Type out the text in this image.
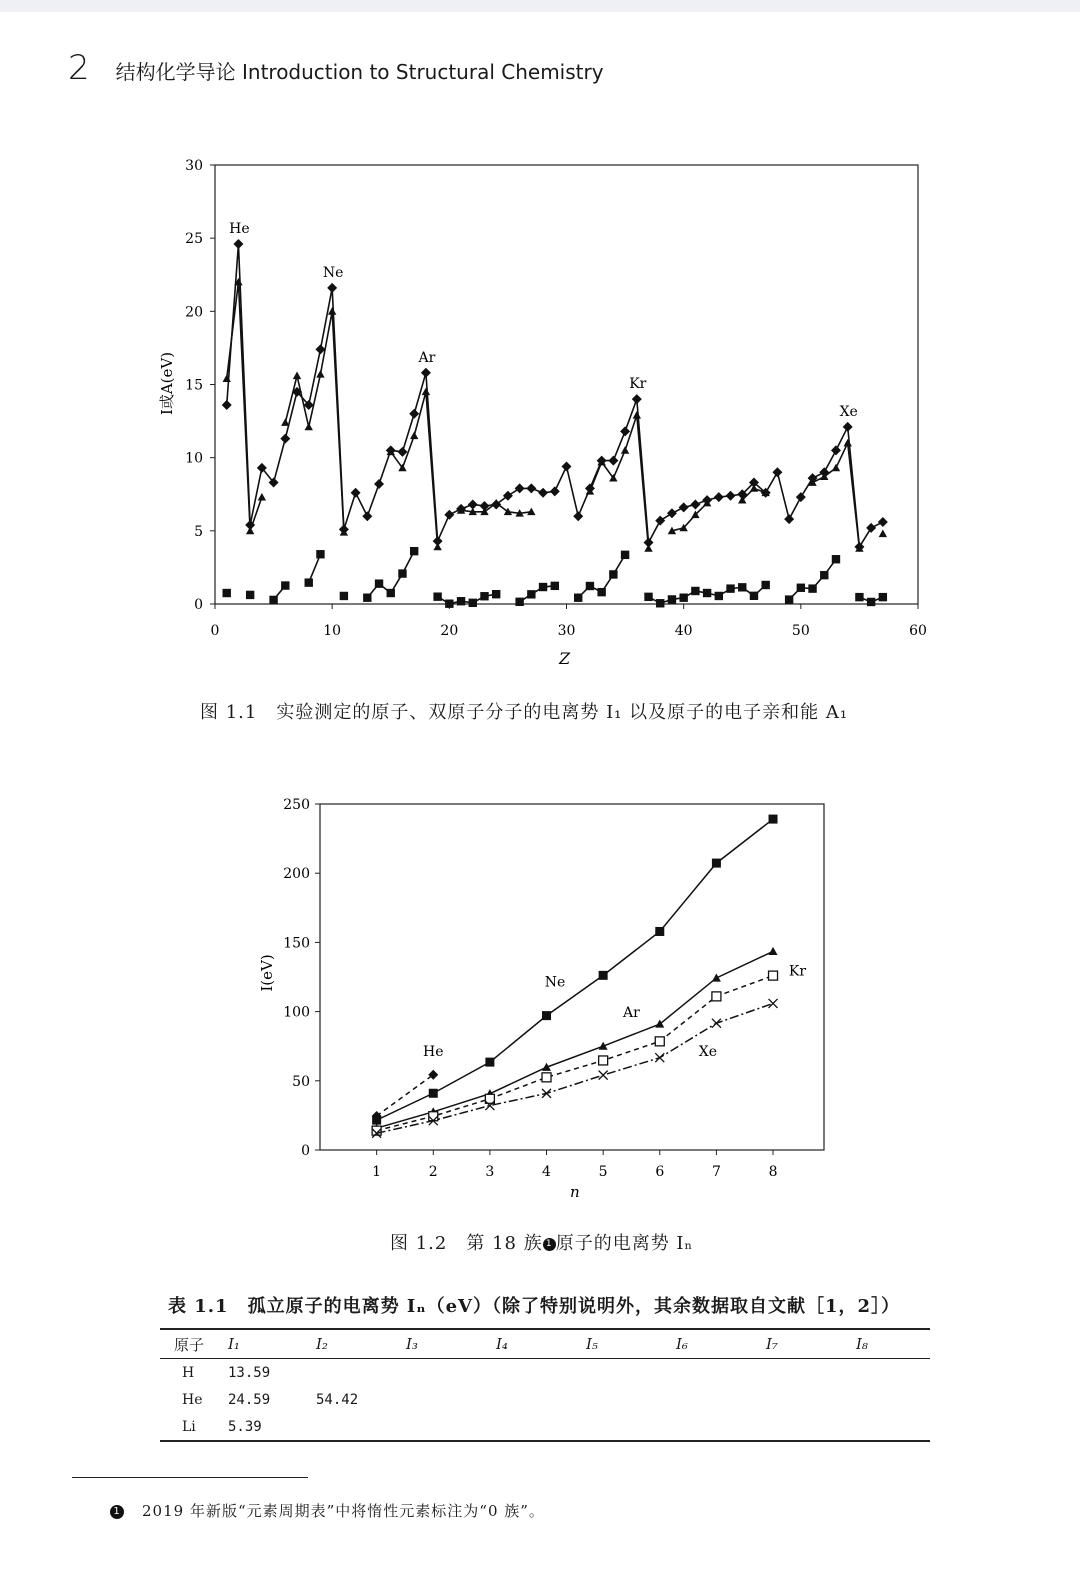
2 结构化学导论 Introduction to Structural Chemistry
0	10	20	30	40	50	60
0
5
10
15
20
25
30
Z
I或A(eV)
He
Ne
Ar
Kr
Xe
图 1.1　实验测定的原子、双原子分子的电离势 I₁ 以及原子的电子亲和能 A₁
1	2	3	4	5	6	7	8
0
50
100
150
200
250
n
I(eV)
He
Ne
Ar
Kr
Xe
图 1.2　第 18 族 1 原子的电离势 Iₙ
表 1.1　孤立原子的电离势 Iₙ（eV）（除了特别说明外，其余数据取自文献［1，2］）
原子	I₁	I₂	I₃	I₄	I₅	I₆	I₇	I₈
H	13.59							
He	24.59	54.42						
Li	5.39							
1 2019 年新版“元素周期表”中将惰性元素标注为“0 族”。
